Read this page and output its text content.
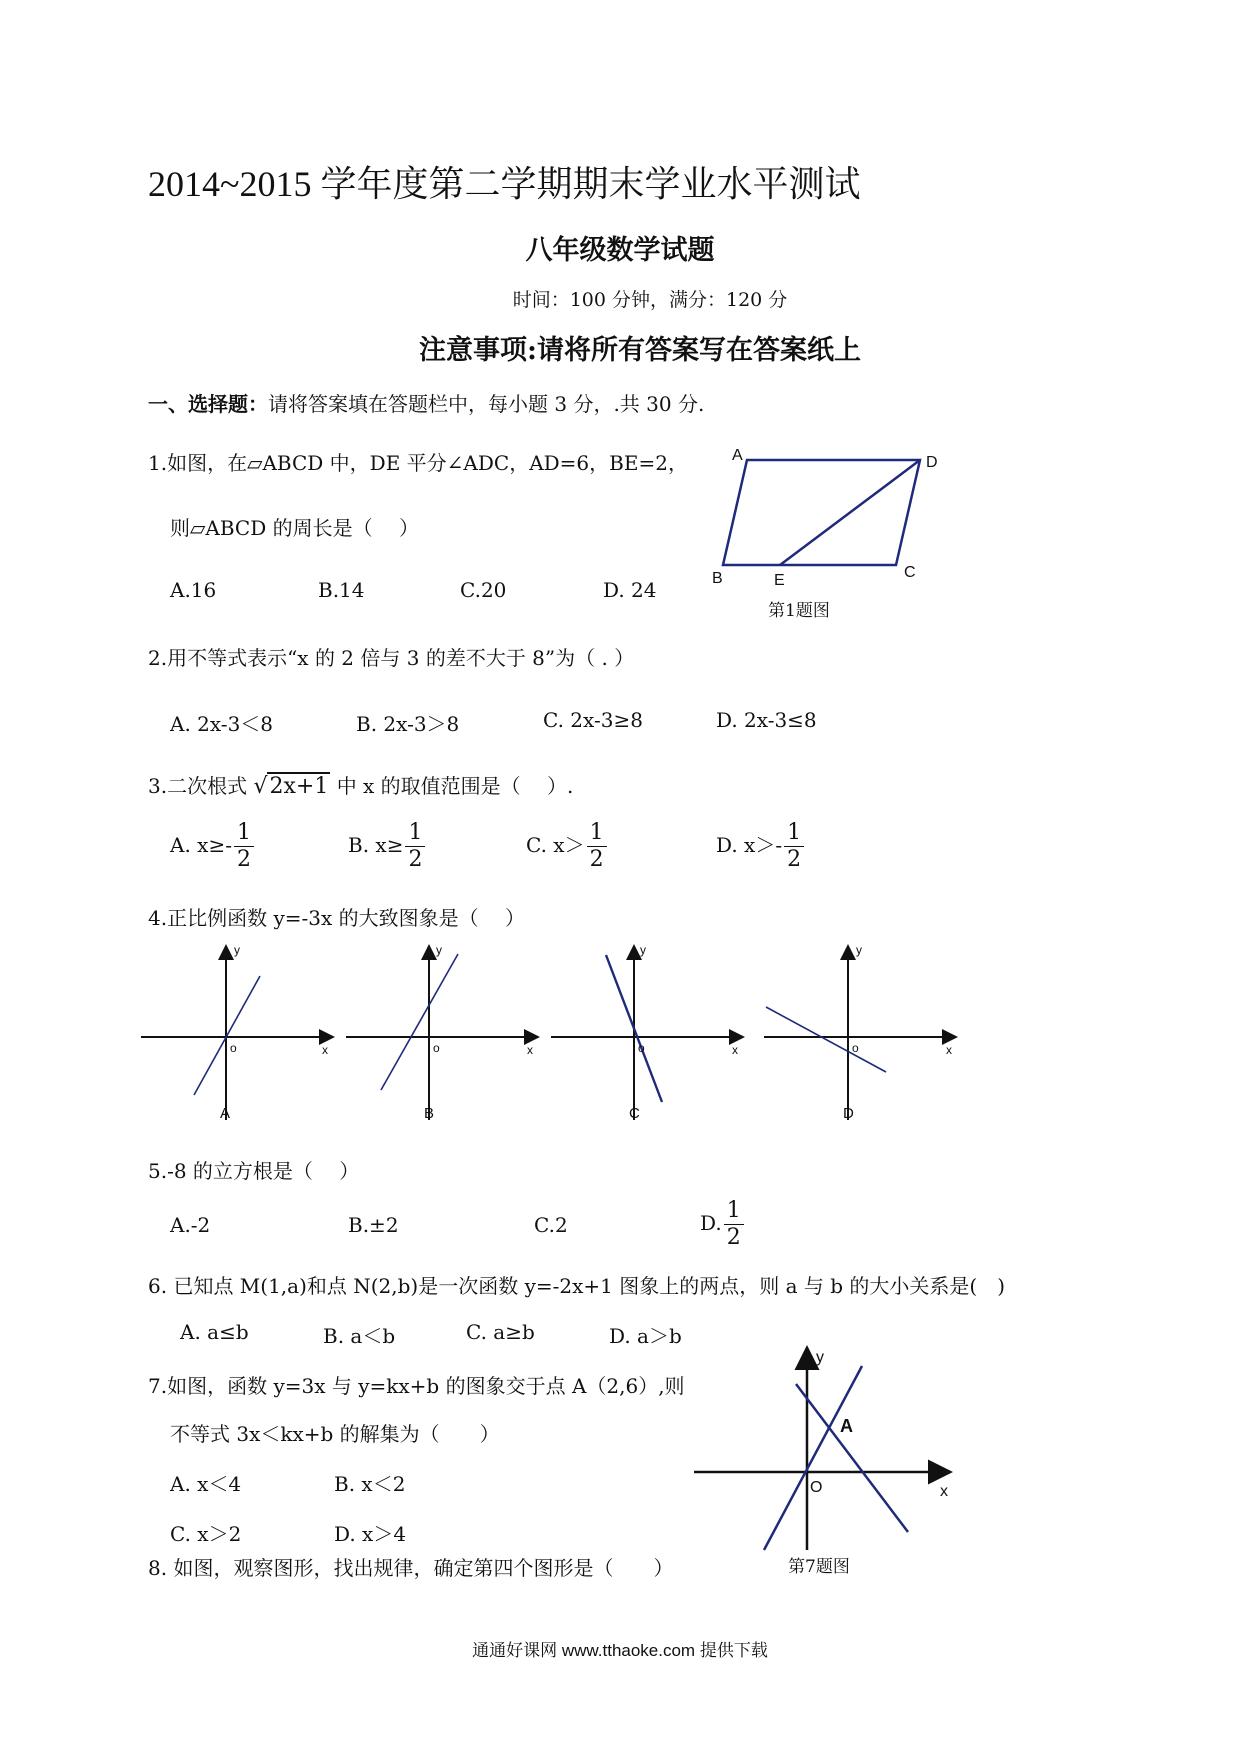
2014~2015 学年度第二学期期末学业水平测试
八年级数学试题
时间：100 分钟，满分：120 分
注意事项:请将所有答案写在答案纸上
一、选择题：请将答案填在答题栏中，每小题 3 分，.共 30 分.
1.如图，在▱ABCD 中，DE 平分∠ADC，AD=6，BE=2，
则▱ABCD 的周长是（　 ）
A.16	B.14	C.20	D. 24
A	D
B	E	C
第1题图
2.用不等式表示“x 的 2 倍与 3 的差不大于 8”为（ . ）
A. 2x-3＜8	B. 2x-3＞8	C. 2x-3≥8	D. 2x-3≤8
3.二次根式 √2x+1 中 x 的取值范围是（　 ）.
A. $x\ge- \frac{1}{2}$	B. $x\ge \frac{1}{2}$	C. $x> \frac{1}{2}$	D. $x>- \frac{1}{2}$
4.正比例函数 y=-3x 的大致图象是（　 ）
y
x
o
A
y
x
o
B
y
x
o
C
y
x
o
D
5.-8 的立方根是（　 ）
A.-2	B.±2	C.2	D. $\frac{1}{2}$
6. 已知点 M(1,a)和点 N(2,b)是一次函数 y=-2x+1 图象上的两点，则 a 与 b 的大小关系是(　)
A. a≤b	B. a＜b	C. a≥b	D. a＞b
7.如图，函数 y=3x 与 y=kx+b 的图象交于点 A（2,6）,则
不等式 3x＜kx+b 的解集为（　　）
A. x＜4	B. x＜2
C. x＞2	D. x＞4
A
y
x
O
第7题图
8. 如图，观察图形，找出规律，确定第四个图形是（　　）
通通好课网 www.tthaoke.com 提供下载
